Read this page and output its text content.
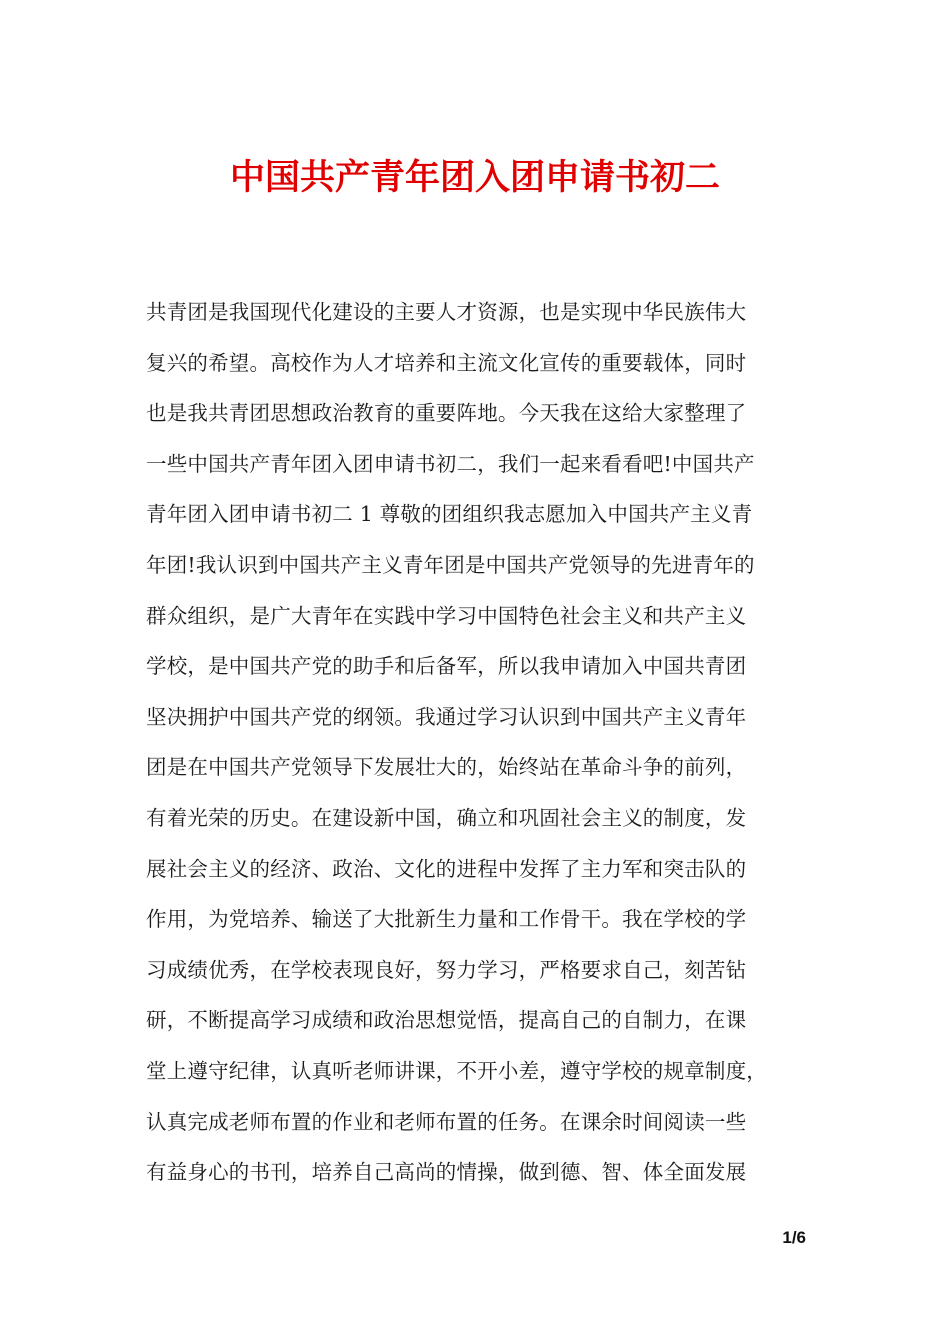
中国共产青年团入团申请书初二
共青团是我国现代化建设的主要人才资源，也是实现中华民族伟大
复兴的希望。高校作为人才培养和主流文化宣传的重要载体，同时
也是我共青团思想政治教育的重要阵地。今天我在这给大家整理了
一些中国共产青年团入团申请书初二，我们一起来看看吧!中国共产
青年团入团申请书初二 1 尊敬的团组织我志愿加入中国共产主义青
年团!我认识到中国共产主义青年团是中国共产党领导的先进青年的
群众组织，是广大青年在实践中学习中国特色社会主义和共产主义
学校，是中国共产党的助手和后备军，所以我申请加入中国共青团
坚决拥护中国共产党的纲领。我通过学习认识到中国共产主义青年
团是在中国共产党领导下发展壮大的，始终站在革命斗争的前列，
有着光荣的历史。在建设新中国，确立和巩固社会主义的制度，发
展社会主义的经济、政治、文化的进程中发挥了主力军和突击队的
作用，为党培养、输送了大批新生力量和工作骨干。我在学校的学
习成绩优秀，在学校表现良好，努力学习，严格要求自己，刻苦钻
研，不断提高学习成绩和政治思想觉悟，提高自己的自制力，在课
堂上遵守纪律，认真听老师讲课，不开小差，遵守学校的规章制度，
认真完成老师布置的作业和老师布置的任务。在课余时间阅读一些
有益身心的书刊，培养自己高尚的情操，做到德、智、体全面发展
1/6
